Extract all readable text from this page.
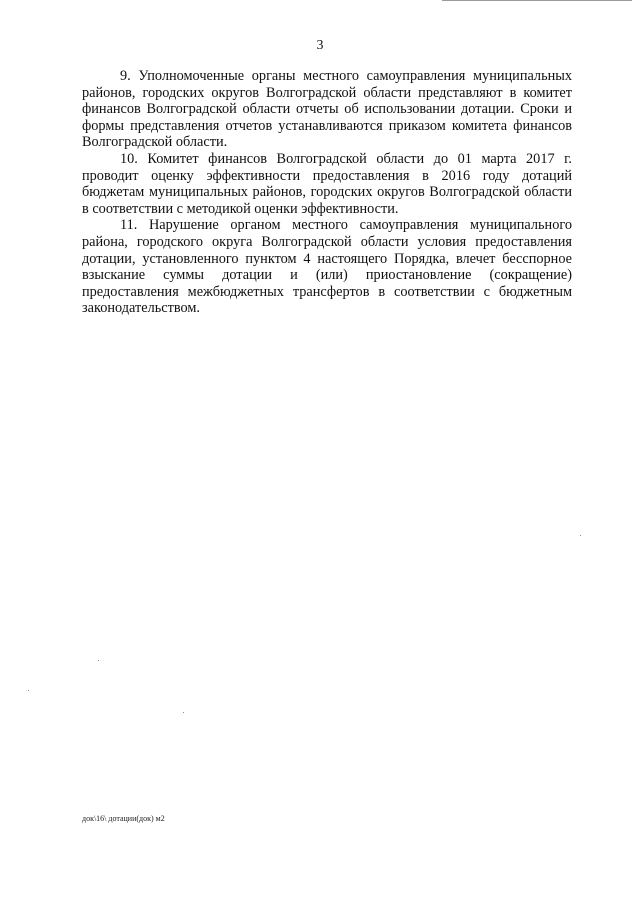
3

9. Уполномоченные органы местного самоуправления муниципальных районов, городских округов Волгоградской области представляют в комитет финансов Волгоградской области отчеты об использовании дотации. Сроки и формы представления отчетов устанавливаются приказом комитета финансов Волгоградской области.

10. Комитет финансов Волгоградской области до 01 марта 2017 г. проводит оценку эффективности предоставления в 2016 году дотаций бюджетам муниципальных районов, городских округов Волгоградской области в соответствии с методикой оценки эффективности.

11. Нарушение органом местного самоуправления муниципального района, городского округа Волгоградской области условия предоставления дотации, установленного пунктом 4 настоящего Порядка, влечет бесспорное взыскание суммы дотации и (или) приостановление (сокращение) предоставления межбюджетных трансфертов в соответствии с бюджетным законодательством.

док\16\ дотации(док) м2
